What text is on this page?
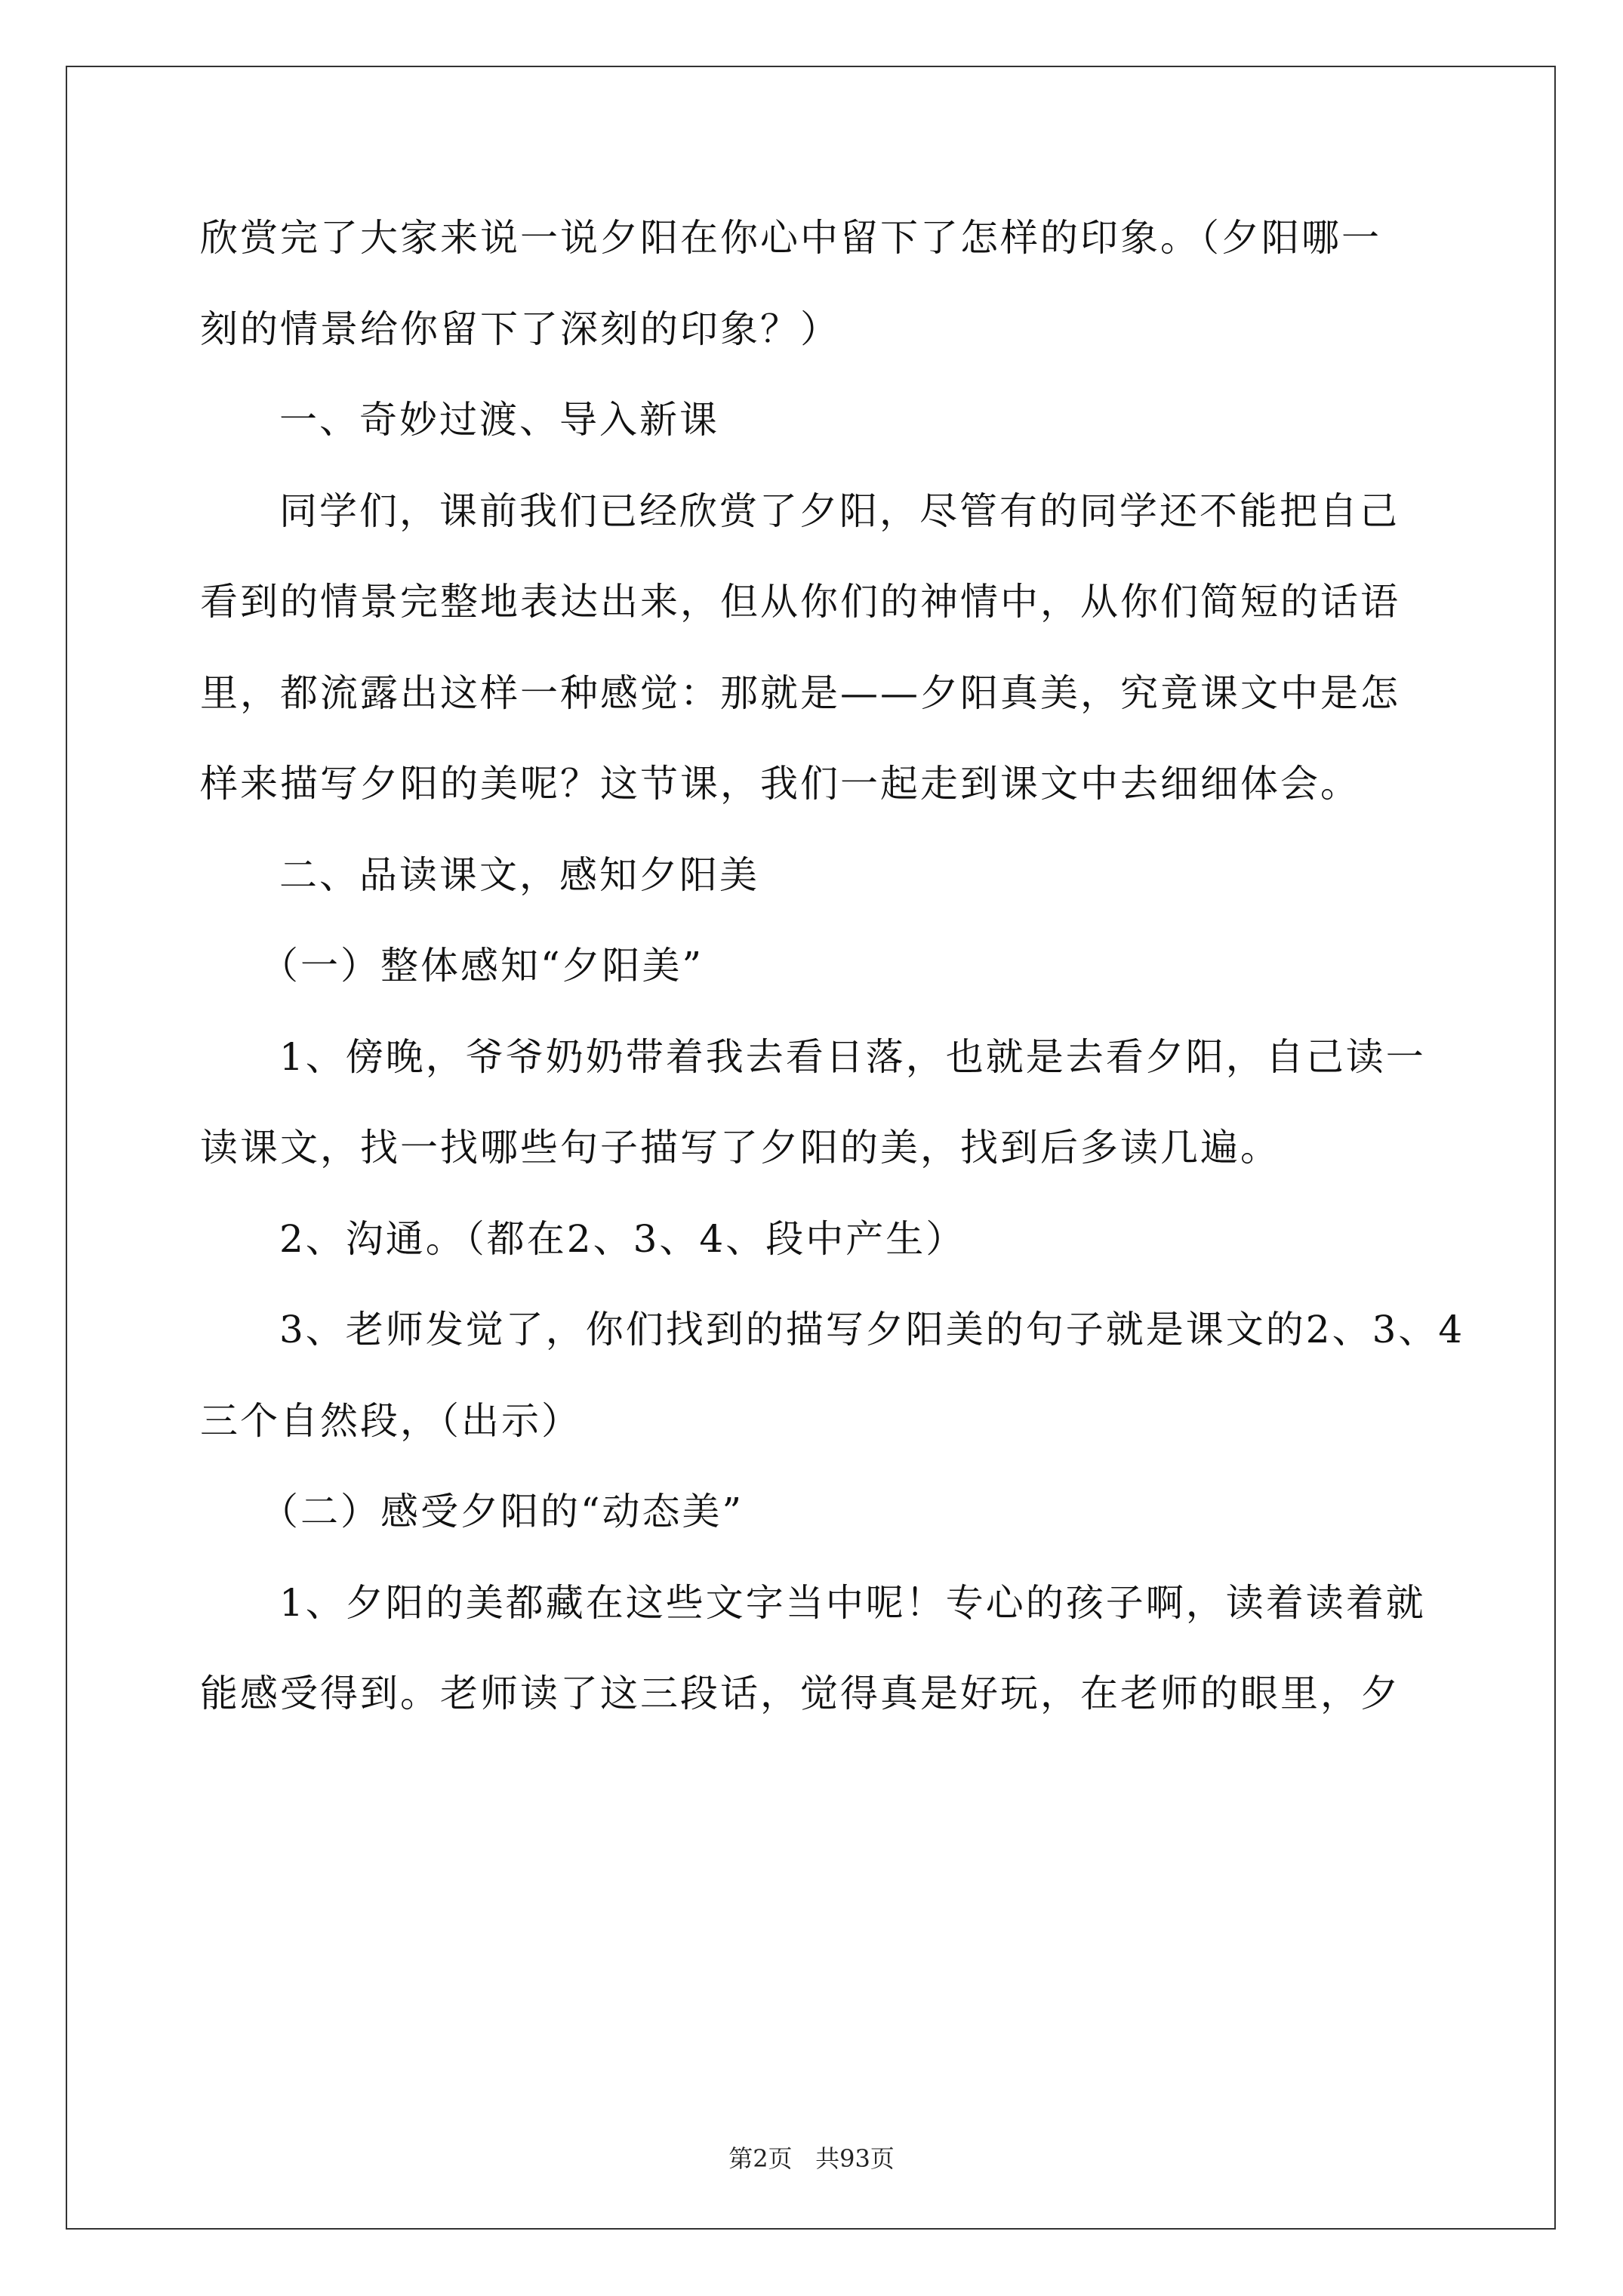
欣赏完了大家来说一说夕阳在你心中留下了怎样的印象。（夕阳哪一
刻的情景给你留下了深刻的印象？）
一、奇妙过渡、导入新课
同学们，课前我们已经欣赏了夕阳，尽管有的同学还不能把自己
看到的情景完整地表达出来，但从你们的神情中，从你们简短的话语
里，都流露出这样一种感觉：那就是——夕阳真美，究竟课文中是怎
样来描写夕阳的美呢？这节课，我们一起走到课文中去细细体会。
二、品读课文，感知夕阳美
（一）整体感知“夕阳美”
1、傍晚，爷爷奶奶带着我去看日落，也就是去看夕阳，自己读一
读课文，找一找哪些句子描写了夕阳的美，找到后多读几遍。
2、沟通。（都在2、3、4、段中产生）
3、老师发觉了，你们找到的描写夕阳美的句子就是课文的2、3、4
三个自然段，（出示）
（二）感受夕阳的“动态美”
1、夕阳的美都藏在这些文字当中呢！专心的孩子啊，读着读着就
能感受得到。老师读了这三段话，觉得真是好玩，在老师的眼里，夕
第2页 共93页
